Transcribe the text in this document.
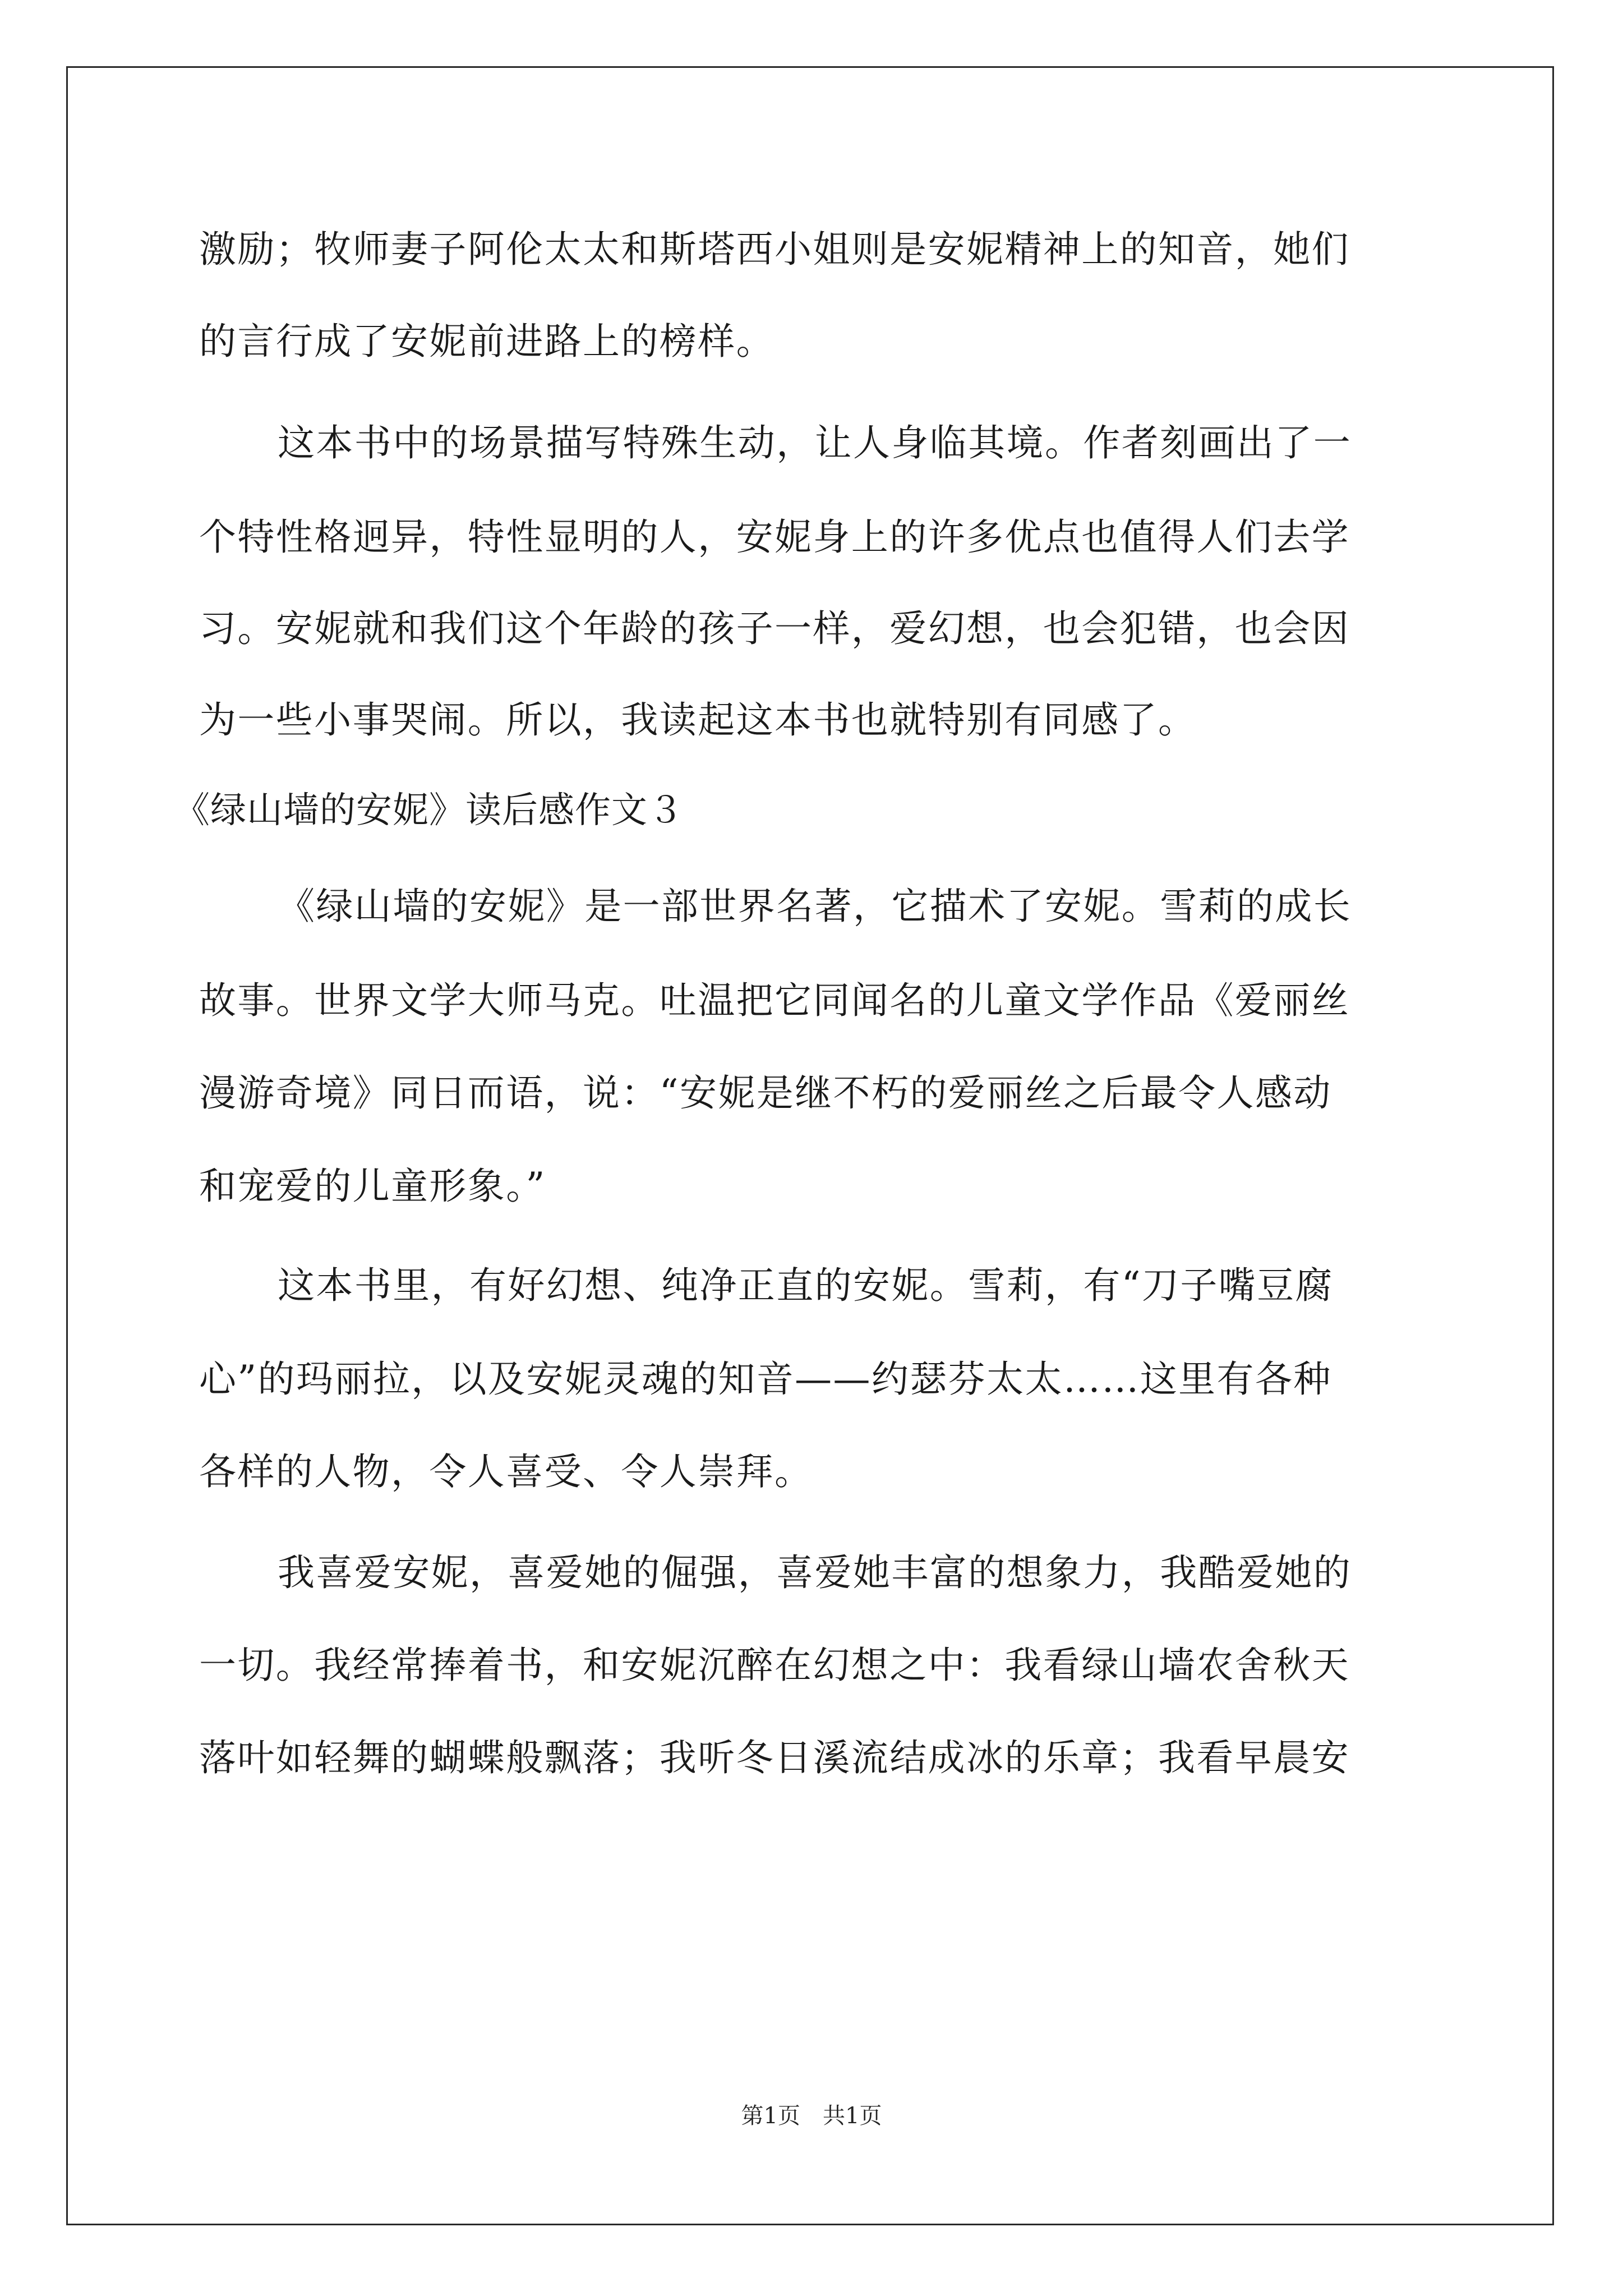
激励；牧师妻子阿伦太太和斯塔西小姐则是安妮精神上的知音，她们
的言行成了安妮前进路上的榜样。
这本书中的场景描写特殊生动，让人身临其境。作者刻画出了一
个特性格迥异，特性显明的人，安妮身上的许多优点也值得人们去学
习。安妮就和我们这个年龄的孩子一样，爱幻想，也会犯错，也会因
为一些小事哭闹。所以，我读起这本书也就特别有同感了。
《绿山墙的安妮》读后感作文３
《绿山墙的安妮》是一部世界名著，它描术了安妮。雪莉的成长
故事。世界文学大师马克。吐温把它同闻名的儿童文学作品《爱丽丝
漫游奇境》同日而语，说：“安妮是继不朽的爱丽丝之后最令人感动
和宠爱的儿童形象。”
这本书里，有好幻想、纯净正直的安妮。雪莉，有“刀子嘴豆腐
心”的玛丽拉，以及安妮灵魂的知音——约瑟芬太太……这里有各种
各样的人物，令人喜受、令人崇拜。
我喜爱安妮，喜爱她的倔强，喜爱她丰富的想象力，我酷爱她的
一切。我经常捧着书，和安妮沉醉在幻想之中：我看绿山墙农舍秋天
落叶如轻舞的蝴蝶般飘落；我听冬日溪流结成冰的乐章；我看早晨安
第1页　共1页
